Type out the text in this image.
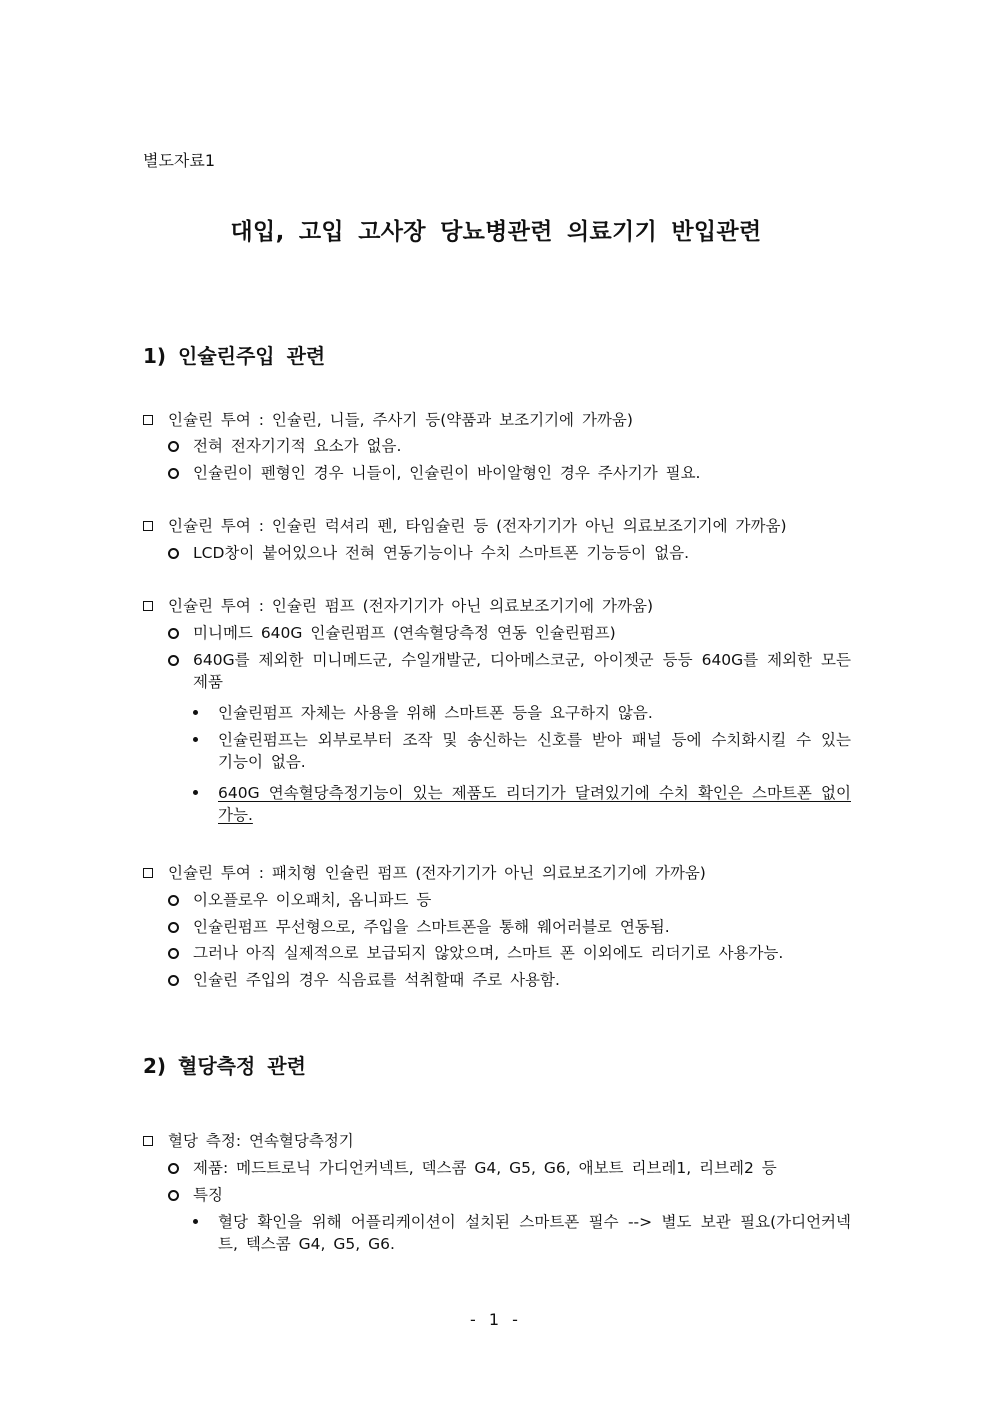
별도자료1
대입, 고입 고사장 당뇨병관련 의료기기 반입관련
1) 인슐린주입 관련
인슐린 투여 : 인슐린, 니들, 주사기 등(약품과 보조기기에 가까움)
전혀 전자기기적 요소가 없음.
인슐린이 펜형인 경우 니들이, 인슐린이 바이알형인 경우 주사기가 필요.
인슐린 투여 : 인슐린 럭셔리 펜, 타임슐린 등 (전자기기가 아닌 의료보조기기에 가까움)
LCD창이 붙어있으나 전혀 연동기능이나 수치 스마트폰 기능등이 없음.
인슐린 투여 : 인슐린 펌프 (전자기기가 아닌 의료보조기기에 가까움)
미니메드 640G 인슐린펌프 (연속혈당측정 연동 인슐린펌프)
640G를 제외한 미니메드군, 수일개발군, 디아메스코군, 아이젯군 등등 640G를 제외한 모든 제품
인슐린펌프 자체는 사용을 위해 스마트폰 등을 요구하지 않음.
인슐린펌프는 외부로부터 조작 및 송신하는 신호를 받아 패널 등에 수치화시킬 수 있는 기능이 없음.
640G 연속혈당측정기능이 있는 제품도 리더기가 달려있기에 수치 확인은 스마트폰 없이 가능.
인슐린 투여 : 패치형 인슐린 펌프 (전자기기가 아닌 의료보조기기에 가까움)
이오플로우 이오패치, 옴니파드 등
인슐린펌프 무선형으로, 주입을 스마트폰을 통해 웨어러블로 연동됨.
그러나 아직 실제적으로 보급되지 않았으며, 스마트 폰 이외에도 리더기로 사용가능.
인슐린 주입의 경우 식음료를 석취할때 주로 사용함.
2) 혈당측정 관련
혈당 측정: 연속혈당측정기
제품: 메드트로닉 가디언커넥트, 덱스콤 G4, G5, G6, 애보트 리브레1, 리브레2 등
특징
혈당 확인을 위해 어플리케이션이 설치된 스마트폰 필수 --> 별도 보관 필요(가디언커넥트, 텍스콤 G4, G5, G6.
- 1 -
